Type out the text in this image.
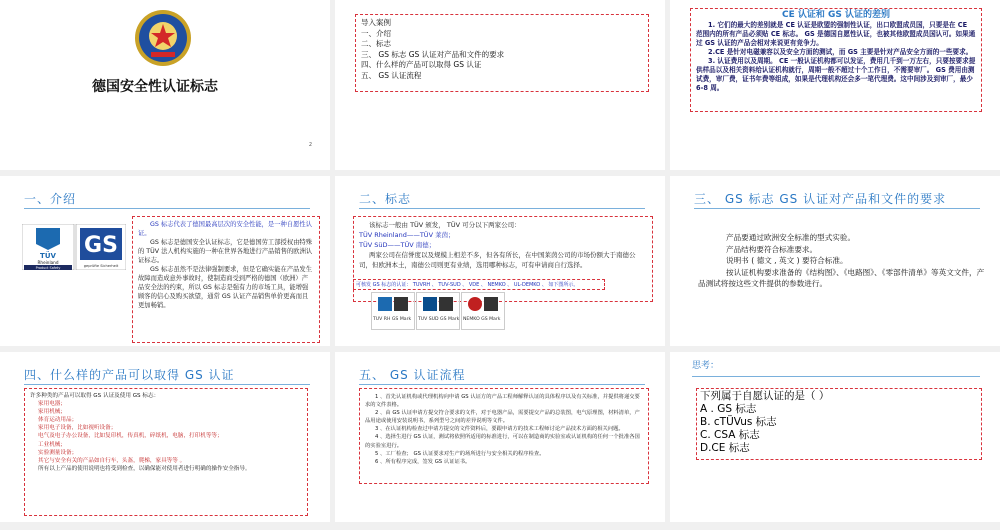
德国安全性认证标志
2
导入案例
一、介绍
二、标志
三、 GS 标志 GS 认证对产品和文件的要求
四、什么样的产品可以取得 GS 认证
五、 GS 认证流程
CE 认证和 GS 认证的差别

1. 它们的最大的差别就是 CE 认证是欧盟的强制性认证，出口欧盟成员国，只要是在 CE 范围内的所有产品必须贴 CE 标志。 GS 是德国自愿性认证，也被其他欧盟成员国认可。如果通过 GS 认证的产品会相对来说更有竞争力。

2.CE 是针对电磁兼容以及安全方面的测试，而 GS 主要是针对产品安全方面的一些要求。

3. 认证费用以及周期。 CE 一般认证机构都可以发证，费用几千到一万左右，只要按要求提供样品以及相关资料给认证机构就行，周期一般不超过十个工作日，不需要审厂。 GS 费用由测试费，审厂费，证书年费等组成，如果是代理机构还会多一笔代理费。这中间涉及到审厂，最少 6-8 周。

一、介绍
TÜV
Rheinland
Product Safety
GS
geprüfte Sicherheit

GS 标志代表了德国最高层次的安全性能，是一种自愿性认证。

GS 标志是德国安全认证标志，它是德国劳工部授权由特殊的 TÜV 法人机构实施的一种在世界各地进行产品销售的欧洲认证标志。

GS 标志虽然不是法律强制要求，但是它确实能在产品发生故障而造成意外事故时，使制造商受到严格的德国（欧洲）产品安全法的约束，所以 GS 标志是强有力的市场工具，能增强顾客的信心及购买欲望，通常 GS 认证产品销售单价更高而且更加畅销。

二、标志
该标志一般由 TÜV 颁发， TÜV 可分以下两家公司：
TÜV Rheinland——TÜV 莱茵；
TÜV SüD——TÜV 南德；
两家公司在信誉度以及规模上相差不多，但各有所长，在中国莱茵公司的市场份额大于南德公司，但欧洲本土，南德公司则更有业绩，选用哪种标志，可有申请商自行选择。
可核发 GS 标志的认证： TUVRH 、 TUV-SUD 、 VDE 、 NEMKO 、 UL-DEMKO 、 如下图所示。
TUV RH GS Mark	TUV SUD GS Mark NEMKO GS Mark
三、 GS 标志 GS 认证对产品和文件的要求

产品要通过欧洲安全标准的型式实验。

产品结构要符合标准要求。

说明书 ( 德文 , 英文 ) 要符合标准。

按认证机构要求准备的《结构图》、《电路图》、《零部件清单》等英文文件，产品测试将按这些文件提供的参数进行。

四、什么样的产品可以取得 GS 认证
许多种类的产品可以取得 GS 认证及使用 GS 标志：
家用电器；
家用机械；
体育运动用品；
家用电子设备，比如视听设备；
电气及电子办公设备，比如复印机，传真机，碎纸机，电脑，打印机等等；
工业机械；
实验测量设备；
其它与安全有关的产品如自行车，头盔，爬梯，家具等等 。
所有以上产品的使用说明也将受到检查，以确保能对使用者进行明确的操作安全指导。
五、 GS 认证流程

1 、首先认证机构或代理机构向申请 GS 认证方的产品工程师解释认证的具体程序以及有关标准，并提供将递交要求的文件表格。

2 、由 GS 认证申请方提交符合要求的文件，对于电器产品，需要提交产品的总装图，电气原理图，材料清单，产品用途或使用安装说明书，系列型号之间的差异说明等文件。

3 、在认证机构检查过申请方提交的文件资料后，要跟申请方的技术工程师讨论产品技术方面的相关问题。

4 、选择生进行 GS 认证，测试将依照所适用的标准进行，可以在制造商的实验室或认证机构的任何一个批准各国的实验室进行。

5 、工厂检查； GS 认证要求对生产的场所进行与安全相关的程序检查。

6 、所有程序完成，签发 GS 认证证书。

思考：
下列属于自愿认证的是（ ）
A . GS 标志
B. cTÜVus 标志
C. CSA 标志
D.CE 标志
